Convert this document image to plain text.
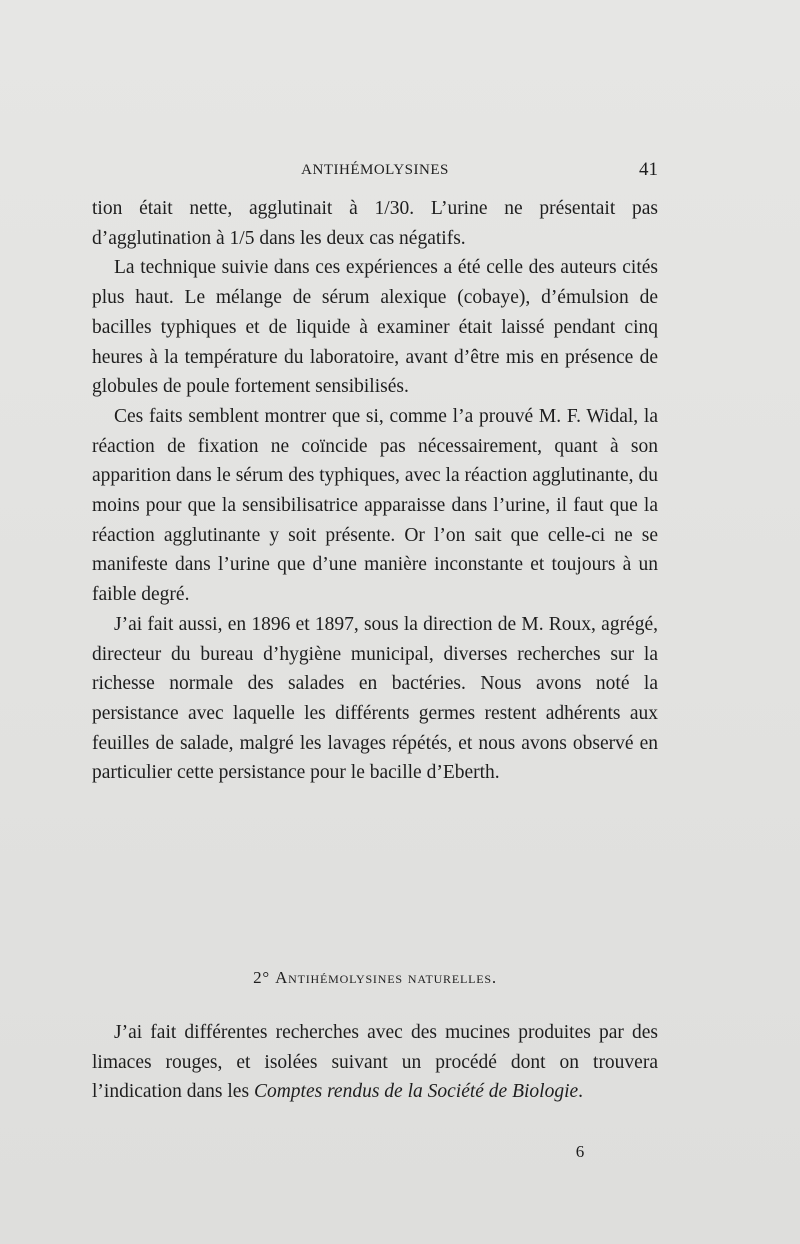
ANTIHÉMOLYSINES	41

tion était nette, agglutinait à 1/30. L’urine ne présentait pas d’agglutination à 1/5 dans les deux cas négatifs.

La technique suivie dans ces expériences a été celle des auteurs cités plus haut. Le mélange de sérum alexique (cobaye), d’émulsion de bacilles typhiques et de liquide à examiner était laissé pendant cinq heures à la température du laboratoire, avant d’être mis en présence de globules de poule fortement sensibilisés.

Ces faits semblent montrer que si, comme l’a prouvé M. F. Widal, la réaction de fixation ne coïncide pas nécessairement, quant à son apparition dans le sérum des typhiques, avec la réaction agglutinante, du moins pour que la sensibilisatrice apparaisse dans l’urine, il faut que la réaction agglutinante y soit présente. Or l’on sait que celle-ci ne se manifeste dans l’urine que d’une manière inconstante et toujours à un faible degré.

J’ai fait aussi, en 1896 et 1897, sous la direction de M. Roux, agrégé, directeur du bureau d’hygiène municipal, diverses recherches sur la richesse normale des salades en bactéries. Nous avons noté la persistance avec laquelle les différents germes restent adhérents aux feuilles de salade, malgré les lavages répétés, et nous avons observé en particulier cette persistance pour le bacille d’Eberth.

2° Antihémolysines naturelles.

J’ai fait différentes recherches avec des mucines produites par des limaces rouges, et isolées suivant un procédé dont on trouvera l’indication dans les Comptes rendus de la Société de Biologie.

6
